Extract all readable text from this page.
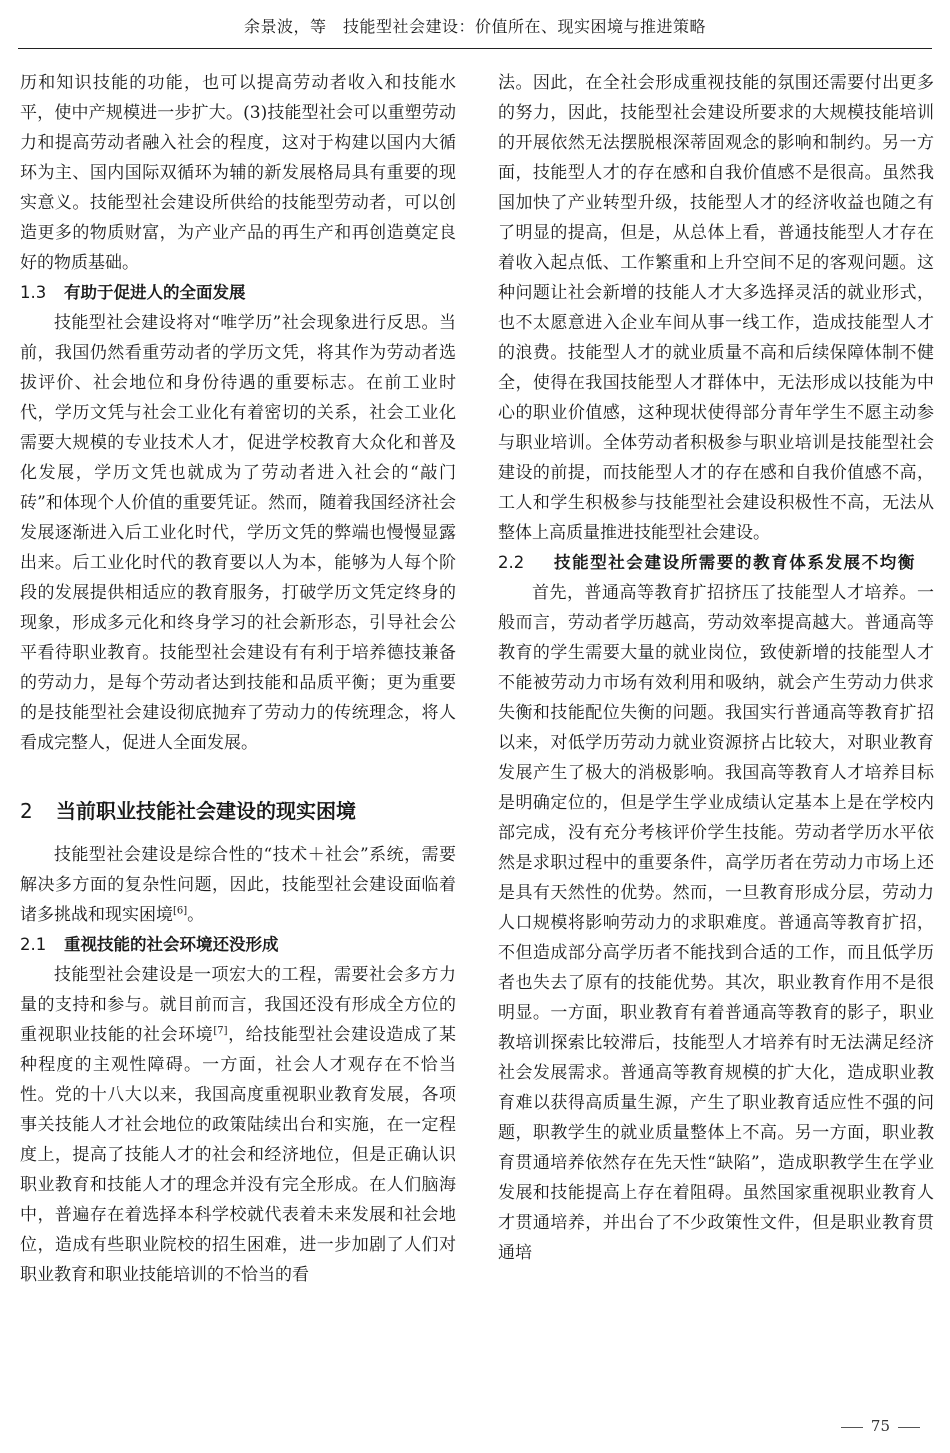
余景波，等　技能型社会建设：价值所在、现实困境与推进策略

历和知识技能的功能，也可以提高劳动者收入和技能水平，使中产规模进一步扩大。(3)技能型社会可以重塑劳动力和提高劳动者融入社会的程度，这对于构建以国内大循环为主、国内国际双循环为辅的新发展格局具有重要的现实意义。技能型社会建设所供给的技能型劳动者，可以创造更多的物质财富，为产业产品的再生产和再创造奠定良好的物质基础。

1.3 有助于促进人的全面发展

技能型社会建设将对“唯学历”社会现象进行反思。当前，我国仍然看重劳动者的学历文凭，将其作为劳动者选拔评价、社会地位和身份待遇的重要标志。在前工业时代，学历文凭与社会工业化有着密切的关系，社会工业化需要大规模的专业技术人才，促进学校教育大众化和普及化发展，学历文凭也就成为了劳动者进入社会的“敲门砖”和体现个人价值的重要凭证。然而，随着我国经济社会发展逐渐进入后工业化时代，学历文凭的弊端也慢慢显露出来。后工业化时代的教育要以人为本，能够为人每个阶段的发展提供相适应的教育服务，打破学历文凭定终身的现象，形成多元化和终身学习的社会新形态，引导社会公平看待职业教育。技能型社会建设有有利于培养德技兼备的劳动力，是每个劳动者达到技能和品质平衡；更为重要的是技能型社会建设彻底抛弃了劳动力的传统理念，将人看成完整人，促进人全面发展。

2 当前职业技能社会建设的现实困境

技能型社会建设是综合性的“技术＋社会”系统，需要解决多方面的复杂性问题，因此，技能型社会建设面临着诸多挑战和现实困境[6]。

2.1 重视技能的社会环境还没形成

技能型社会建设是一项宏大的工程，需要社会多方力量的支持和参与。就目前而言，我国还没有形成全方位的重视职业技能的社会环境[7]，给技能型社会建设造成了某种程度的主观性障碍。一方面，社会人才观存在不恰当性。党的十八大以来，我国高度重视职业教育发展，各项事关技能人才社会地位的政策陆续出台和实施，在一定程度上，提高了技能人才的社会和经济地位，但是正确认识职业教育和技能人才的理念并没有完全形成。在人们脑海中，普遍存在着选择本科学校就代表着未来发展和社会地位，造成有些职业院校的招生困难，进一步加剧了人们对职业教育和职业技能培训的不恰当的看

法。因此，在全社会形成重视技能的氛围还需要付出更多的努力，因此，技能型社会建设所要求的大规模技能培训的开展依然无法摆脱根深蒂固观念的影响和制约。另一方面，技能型人才的存在感和自我价值感不是很高。虽然我国加快了产业转型升级，技能型人才的经济收益也随之有了明显的提高，但是，从总体上看，普通技能型人才存在着收入起点低、工作繁重和上升空间不足的客观问题。这种问题让社会新增的技能人才大多选择灵活的就业形式，也不太愿意进入企业车间从事一线工作，造成技能型人才的浪费。技能型人才的就业质量不高和后续保障体制不健全，使得在我国技能型人才群体中，无法形成以技能为中心的职业价值感，这种现状使得部分青年学生不愿主动参与职业培训。全体劳动者积极参与职业培训是技能型社会建设的前提，而技能型人才的存在感和自我价值感不高，工人和学生积极参与技能型社会建设积极性不高，无法从整体上高质量推进技能型社会建设。

2.2	技能型社会建设所需要的教育体系发展不均衡

首先，普通高等教育扩招挤压了技能型人才培养。一般而言，劳动者学历越高，劳动效率提高越大。普通高等教育的学生需要大量的就业岗位，致使新增的技能型人才不能被劳动力市场有效利用和吸纳，就会产生劳动力供求失衡和技能配位失衡的问题。我国实行普通高等教育扩招以来，对低学历劳动力就业资源挤占比较大，对职业教育发展产生了极大的消极影响。我国高等教育人才培养目标是明确定位的，但是学生学业成绩认定基本上是在学校内部完成，没有充分考核评价学生技能。劳动者学历水平依然是求职过程中的重要条件，高学历者在劳动力市场上还是具有天然性的优势。然而，一旦教育形成分层，劳动力人口规模将影响劳动力的求职难度。普通高等教育扩招，不但造成部分高学历者不能找到合适的工作，而且低学历者也失去了原有的技能优势。其次，职业教育作用不是很明显。一方面，职业教育有着普通高等教育的影子，职业教培训探索比较滞后，技能型人才培养有时无法满足经济社会发展需求。普通高等教育规模的扩大化，造成职业教育难以获得高质量生源，产生了职业教育适应性不强的问题，职教学生的就业质量整体上不高。另一方面，职业教育贯通培养依然存在先天性“缺陷”，造成职教学生在学业发展和技能提高上存在着阻碍。虽然国家重视职业教育人才贯通培养，并出台了不少政策性文件，但是职业教育贯通培

75
